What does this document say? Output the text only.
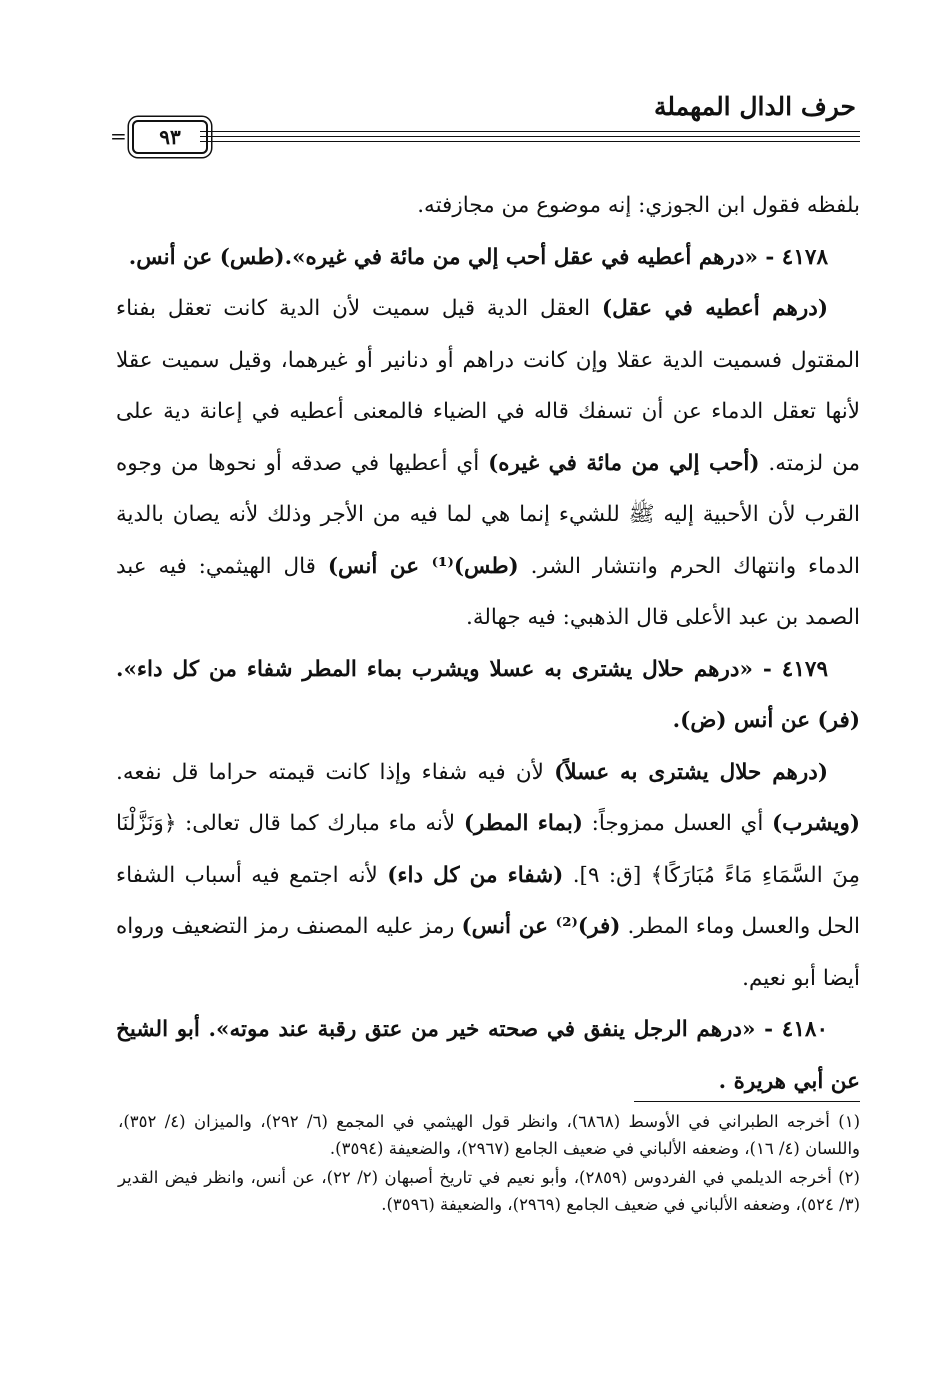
حرف الدال المهملة
=	٩٣

بلفظه فقول ابن الجوزي: إنه موضوع من مجازفته.

٤١٧٨ - «درهم أعطيه في عقل أحب إلي من مائة في غيره».(طس) عن أنس.

(درهم أعطيه في عقل) العقل الدية قيل سميت لأن الدية كانت تعقل بفناء المقتول فسميت الدية عقلا وإن كانت دراهم أو دنانير أو غيرهما، وقيل سميت عقلا لأنها تعقل الدماء عن أن تسفك قاله في الضياء فالمعنى أعطيه في إعانة دية على من لزمته. (أحب إلي من مائة في غيره) أي أعطيها في صدقه أو نحوها من وجوه القرب لأن الأحبية إليه ﷺ للشيء إنما هي لما فيه من الأجر وذلك لأنه يصان بالدية الدماء وانتهاك الحرم وانتشار الشر. (طس)⁽¹⁾ عن أنس) قال الهيثمي: فيه عبد الصمد بن عبد الأعلى قال الذهبي: فيه جهالة.

٤١٧٩ - «درهم حلال يشترى به عسلا ويشرب بماء المطر شفاء من كل داء». (فر) عن أنس (ض).

(درهم حلال يشترى به عسلاً) لأن فيه شفاء وإذا كانت قيمته حراما قل نفعه. (ويشرب) أي العسل ممزوجاً: (بماء المطر) لأنه ماء مبارك كما قال تعالى: ﴿وَنَزَّلْنَا مِنَ السَّمَاءِ مَاءً مُبَارَكًا﴾ [ق: ٩]. (شفاء من كل داء) لأنه اجتمع فيه أسباب الشفاء الحل والعسل وماء المطر. (فر)⁽²⁾ عن أنس) رمز عليه المصنف رمز التضعيف ورواه أيضا أبو نعيم.

٤١٨٠ - «درهم الرجل ينفق في صحته خير من عتق رقبة عند موته». أبو الشيخ عن أبي هريرة .

(١) أخرجه الطبراني في الأوسط (٦٨٦٨)، وانظر قول الهيثمي في المجمع (٦/ ٢٩٢)، والميزان (٤/ ٣٥٢)، واللسان (٤/ ١٦)، وضعفه الألباني في ضعيف الجامع (٢٩٦٧)، والضعيفة (٣٥٩٤).

(٢) أخرجه الديلمي في الفردوس (٢٨٥٩)، وأبو نعيم في تاريخ أصبهان (٢/ ٢٢)، عن أنس، وانظر فيض القدير (٣/ ٥٢٤)، وضعفه الألباني في ضعيف الجامع (٢٩٦٩)، والضعيفة (٣٥٩٦).
